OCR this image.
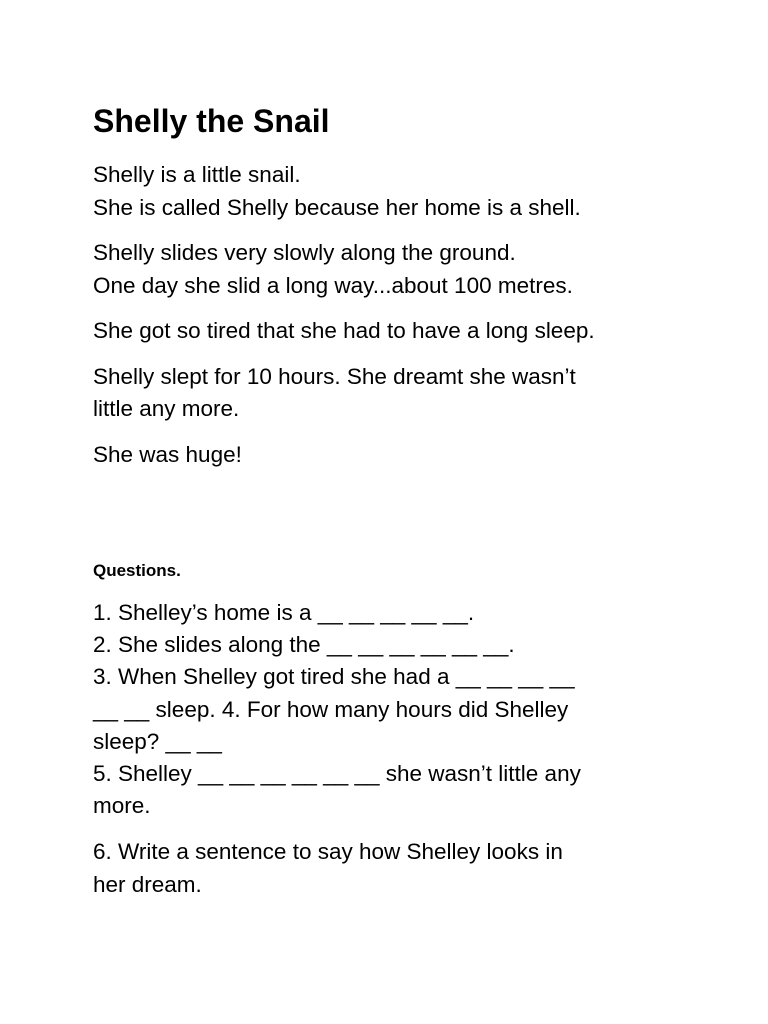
Shelly the Snail

Shelly is a little snail.
She is called Shelly because her home is a shell.

Shelly slides very slowly along the ground.
One day she slid a long way...about 100 metres.

She got so tired that she had to have a long sleep.

Shelly slept for 10 hours. She dreamt she wasn’t
little any more.

She was huge!

Questions.

1. Shelley’s home is a __ __ __ __ __.
2. She slides along the __ __ __ __ __ __.
3. When Shelley got tired she had a __ __ __ __
__ __ sleep. 4. For how many hours did Shelley
sleep? __ __
5. Shelley __ __ __ __ __ __ she wasn’t little any
more.

6. Write a sentence to say how Shelley looks in
her dream.
